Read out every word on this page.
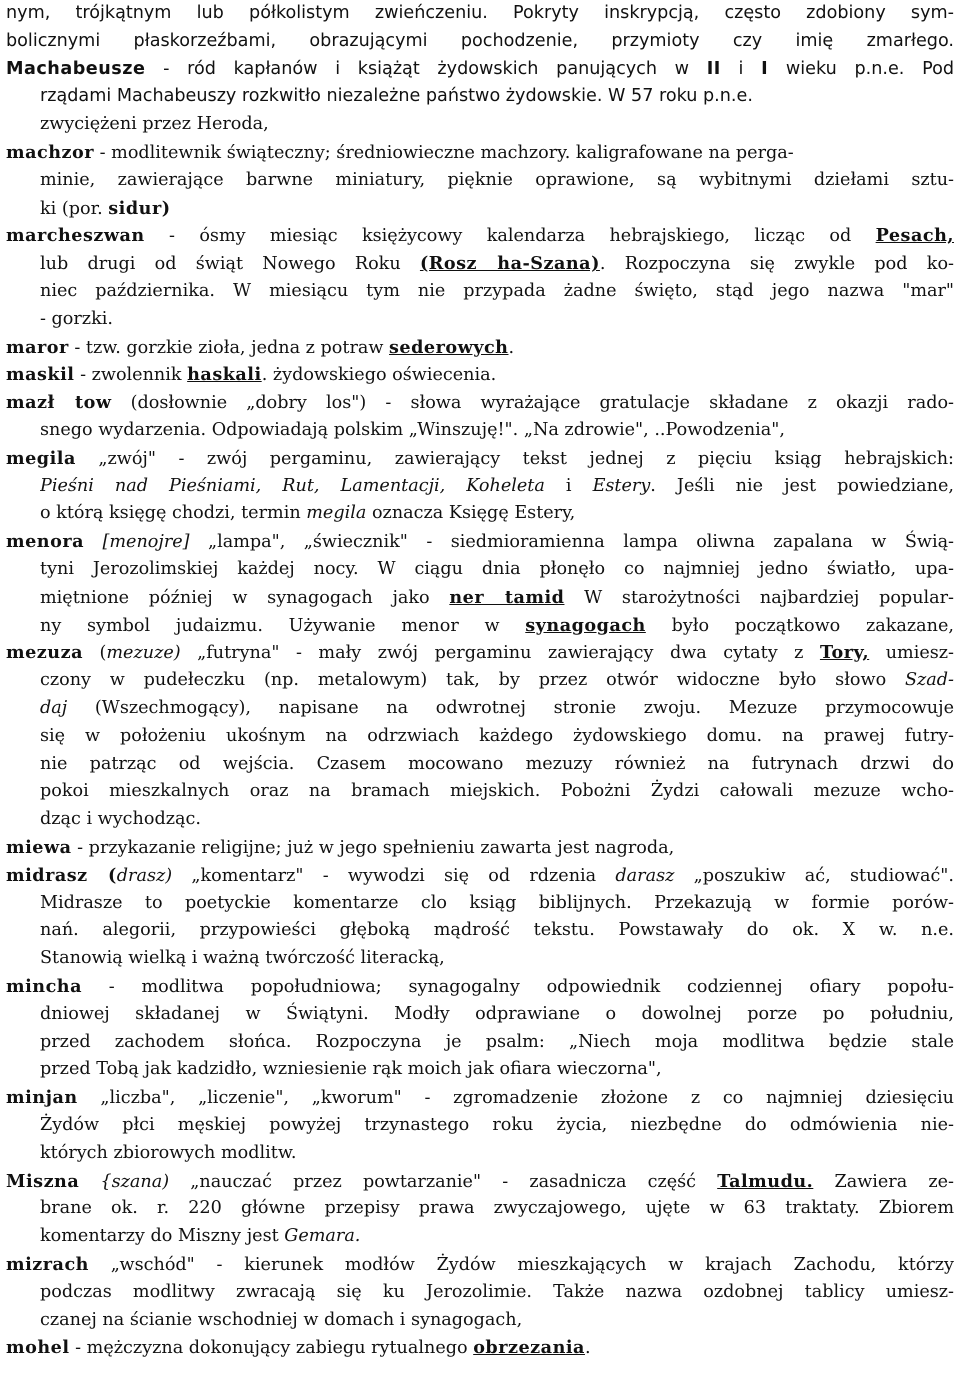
nym, trójkątnym lub półkolistym zwieńczeniu. Pokryty inskrypcją, często zdobiony sym-
bolicznymi płaskorzeźbami, obrazującymi pochodzenie, przymioty czy imię zmarłego.
Machabeusze - ród kapłanów i książąt żydowskich panujących w II i I wieku p.n.e. Pod
rządami Machabeuszy rozkwitło niezależne państwo żydowskie. W 57 roku p.n.e.
zwyciężeni przez Heroda,
machzor - modlitewnik świąteczny; średniowieczne machzory. kaligrafowane na perga-
minie, zawierające barwne miniatury, pięknie oprawione, są wybitnymi dziełami sztu-
ki (por. sidur)
marcheszwan - ósmy miesiąc księżycowy kalendarza hebrajskiego, licząc od Pesach,
lub drugi od świąt Nowego Roku (Rosz ha-Szana). Rozpoczyna się zwykle pod ko-
niec października. W miesiącu tym nie przypada żadne święto, stąd jego nazwa "mar"
- gorzki.
maror - tzw. gorzkie zioła, jedna z potraw sederowych.
maskil - zwolennik haskali. żydowskiego oświecenia.
mazł tow (dosłownie „dobry los") - słowa wyrażające gratulacje składane z okazji rado-
snego wydarzenia. Odpowiadają polskim „Winszuję!". „Na zdrowie", ..Powodzenia",
megila „zwój" - zwój pergaminu, zawierający tekst jednej z pięciu ksiąg hebrajskich:
Pieśni nad Pieśniami, Rut, Lamentacji, Koheleta i Estery. Jeśli nie jest powiedziane,
o którą księgę chodzi, termin megila oznacza Księgę Estery,
menora [menojre] „lampa", „świecznik" - siedmioramienna lampa oliwna zapalana w Świą-
tyni Jerozolimskiej każdej nocy. W ciągu dnia płonęło co najmniej jedno światło, upa-
miętnione później w synagogach jako ner tamid W starożytności najbardziej popular-
ny symbol judaizmu. Używanie menor w synagogach było początkowo zakazane,
mezuza (mezuze) „futryna" - mały zwój pergaminu zawierający dwa cytaty z Tory, umiesz-
czony w pudełeczku (np. metalowym) tak, by przez otwór widoczne było słowo Szad-
daj (Wszechmogący), napisane na odwrotnej stronie zwoju. Mezuze przymocowuje
się w położeniu ukośnym na odrzwiach każdego żydowskiego domu. na prawej futry-
nie patrząc od wejścia. Czasem mocowano mezuzy również na futrynach drzwi do
pokoi mieszkalnych oraz na bramach miejskich. Pobożni Żydzi całowali mezuze wcho-
dząc i wychodząc.
miewa - przykazanie religijne; już w jego spełnieniu zawarta jest nagroda,
midrasz (drasz) „komentarz" - wywodzi się od rdzenia darasz „poszukiw ać, studiować".
Midrasze to poetyckie komentarze clo ksiąg biblijnych. Przekazują w formie porów-
nań. alegorii, przypowieści głęboką mądrość tekstu. Powstawały do ok. X w. n.e.
Stanowią wielką i ważną twórczość literacką,
mincha - modlitwa popołudniowa; synagogalny odpowiednik codziennej ofiary popołu-
dniowej składanej w Świątyni. Modły odprawiane o dowolnej porze po południu,
przed zachodem słońca. Rozpoczyna je psalm: „Niech moja modlitwa będzie stale
przed Tobą jak kadzidło, wzniesienie rąk moich jak ofiara wieczorna",
minjan „liczba", „liczenie", „kworum" - zgromadzenie złożone z co najmniej dziesięciu
Żydów płci męskiej powyżej trzynastego roku życia, niezbędne do odmówienia nie-
których zbiorowych modlitw.
Miszna {szana) „nauczać przez powtarzanie" - zasadnicza część Talmudu. Zawiera ze-
brane ok. r. 220 główne przepisy prawa zwyczajowego, ujęte w 63 traktaty. Zbiorem
komentarzy do Miszny jest Gemara.
mizrach „wschód" - kierunek modłów Żydów mieszkających w krajach Zachodu, którzy
podczas modlitwy zwracają się ku Jerozolimie. Także nazwa ozdobnej tablicy umiesz-
czanej na ścianie wschodniej w domach i synagogach,
mohel - mężczyzna dokonujący zabiegu rytualnego obrzezania.
